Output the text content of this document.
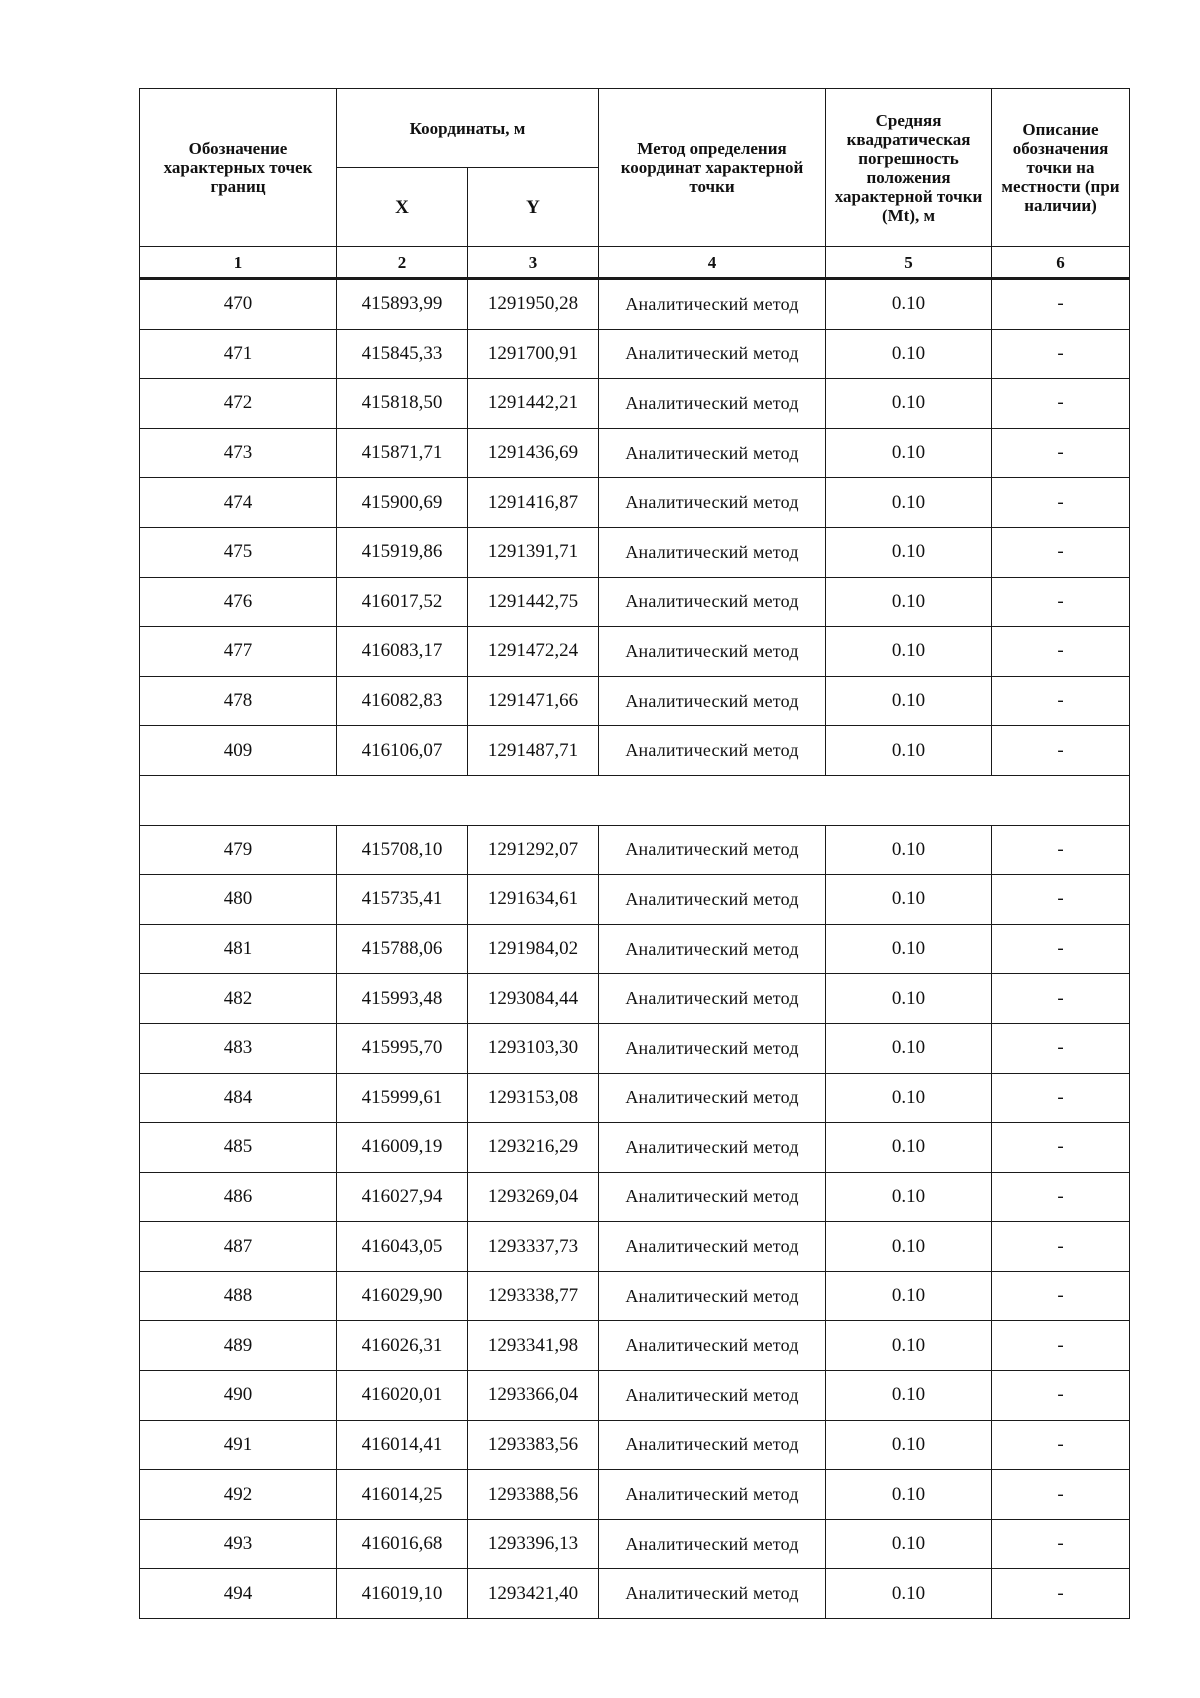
Обозначение характерных точек границ	Координаты, м		Метод определения координат характерной точки	Средняя квадратическая погрешность положения характерной точки (Mt), м	Описание обозначения точки на местности (при наличии)
	X	Y			
1	2	3	4	5	6
470	415893,99	1291950,28	Аналитический метод	0.10	-
471	415845,33	1291700,91	Аналитический метод	0.10	-
472	415818,50	1291442,21	Аналитический метод	0.10	-
473	415871,71	1291436,69	Аналитический метод	0.10	-
474	415900,69	1291416,87	Аналитический метод	0.10	-
475	415919,86	1291391,71	Аналитический метод	0.10	-
476	416017,52	1291442,75	Аналитический метод	0.10	-
477	416083,17	1291472,24	Аналитический метод	0.10	-
478	416082,83	1291471,66	Аналитический метод	0.10	-
409	416106,07	1291487,71	Аналитический метод	0.10	-

479	415708,10	1291292,07	Аналитический метод	0.10	-
480	415735,41	1291634,61	Аналитический метод	0.10	-
481	415788,06	1291984,02	Аналитический метод	0.10	-
482	415993,48	1293084,44	Аналитический метод	0.10	-
483	415995,70	1293103,30	Аналитический метод	0.10	-
484	415999,61	1293153,08	Аналитический метод	0.10	-
485	416009,19	1293216,29	Аналитический метод	0.10	-
486	416027,94	1293269,04	Аналитический метод	0.10	-
487	416043,05	1293337,73	Аналитический метод	0.10	-
488	416029,90	1293338,77	Аналитический метод	0.10	-
489	416026,31	1293341,98	Аналитический метод	0.10	-
490	416020,01	1293366,04	Аналитический метод	0.10	-
491	416014,41	1293383,56	Аналитический метод	0.10	-
492	416014,25	1293388,56	Аналитический метод	0.10	-
493	416016,68	1293396,13	Аналитический метод	0.10	-
494	416019,10	1293421,40	Аналитический метод	0.10	-
